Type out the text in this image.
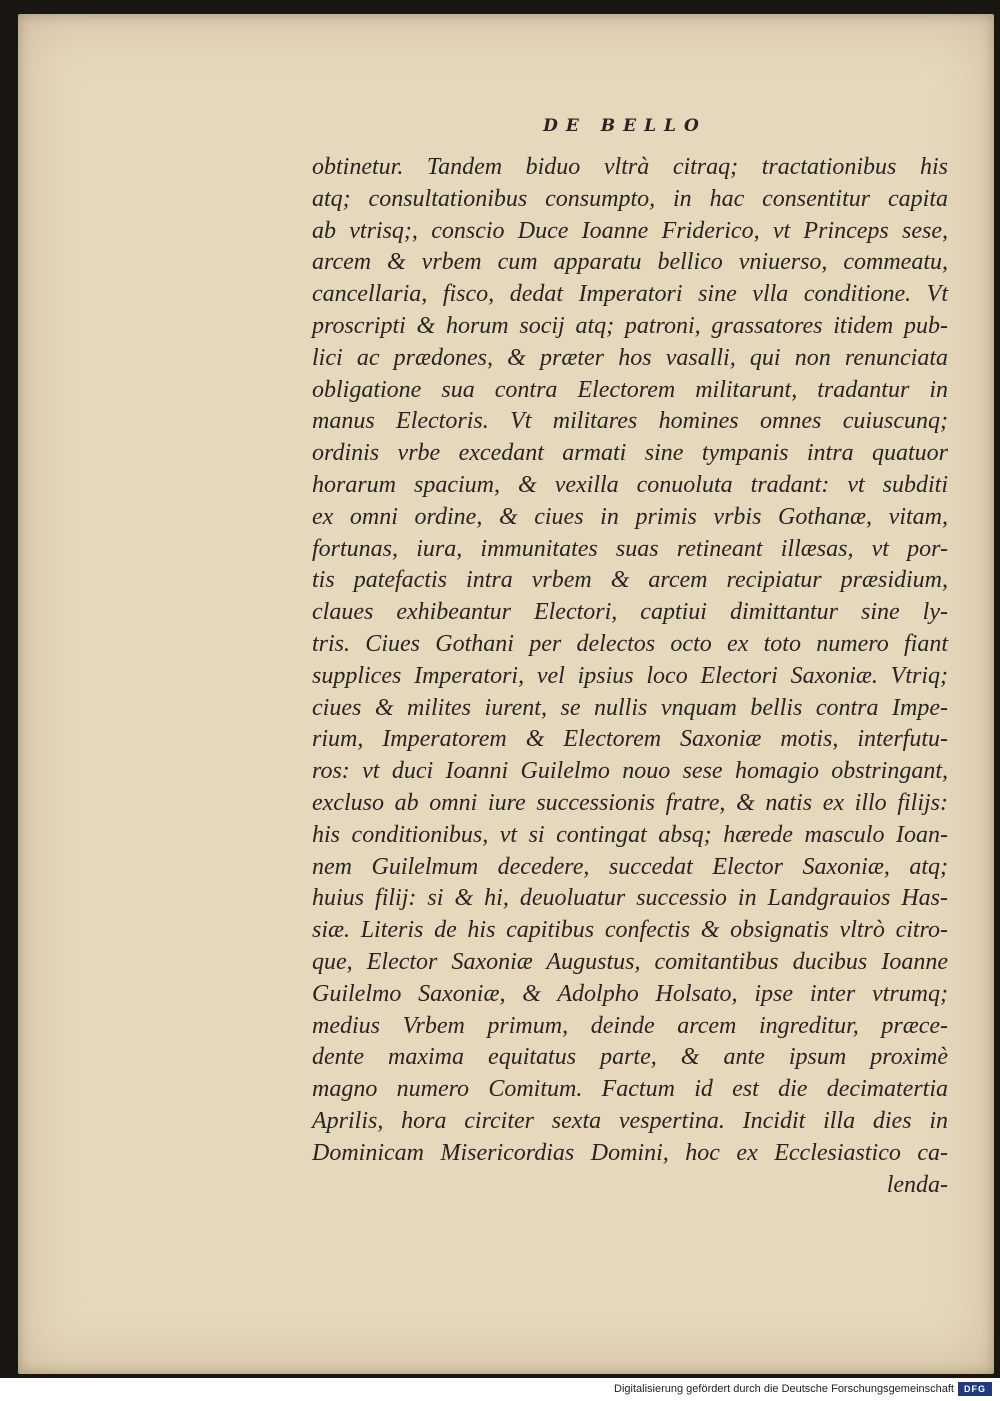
DE BELLO
obtinetur. Tandem biduo vltrà citraq; tractationibus his
atq; consultationibus consumpto, in hac consentitur capita
ab vtrisq;, conscio Duce Ioanne Friderico, vt Princeps sese,
arcem & vrbem cum apparatu bellico vniuerso, commeatu,
cancellaria, fisco, dedat Imperatori sine vlla conditione. Vt
proscripti & horum socij atq; patroni, grassatores itidem pub-
lici ac prædones, & præter hos vasalli, qui non renunciata
obligatione sua contra Electorem militarunt, tradantur in
manus Electoris. Vt militares homines omnes cuiuscunq;
ordinis vrbe excedant armati sine tympanis intra quatuor
horarum spacium, & vexilla conuoluta tradant: vt subditi
ex omni ordine, & ciues in primis vrbis Gothanæ, vitam,
fortunas, iura, immunitates suas retineant illæsas, vt por-
tis patefactis intra vrbem & arcem recipiatur præsidium,
claues exhibeantur Electori, captiui dimittantur sine ly-
tris. Ciues Gothani per delectos octo ex toto numero fiant
supplices Imperatori, vel ipsius loco Electori Saxoniæ. Vtriq;
ciues & milites iurent, se nullis vnquam bellis contra Impe-
rium, Imperatorem & Electorem Saxoniæ motis, interfutu-
ros: vt duci Ioanni Guilelmo nouo sese homagio obstringant,
excluso ab omni iure successionis fratre, & natis ex illo filijs:
his conditionibus, vt si contingat absq; hærede masculo Ioan-
nem Guilelmum decedere, succedat Elector Saxoniæ, atq;
huius filij: si & hi, deuoluatur successio in Landgrauios Has-
siæ. Literis de his capitibus confectis & obsignatis vltrò citro-
que, Elector Saxoniæ Augustus, comitantibus ducibus Ioanne
Guilelmo Saxoniæ, & Adolpho Holsato, ipse inter vtrumq;
medius Vrbem primum, deinde arcem ingreditur, præce-
dente maxima equitatus parte, & ante ipsum proximè
magno numero Comitum. Factum id est die decimatertia
Aprilis, hora circiter sexta vespertina. Incidit illa dies in
Dominicam Misericordias Domini, hoc ex Ecclesiastico ca-
lenda-
Digitalisierung gefördert durch die Deutsche Forschungsgemeinschaft	DFG
